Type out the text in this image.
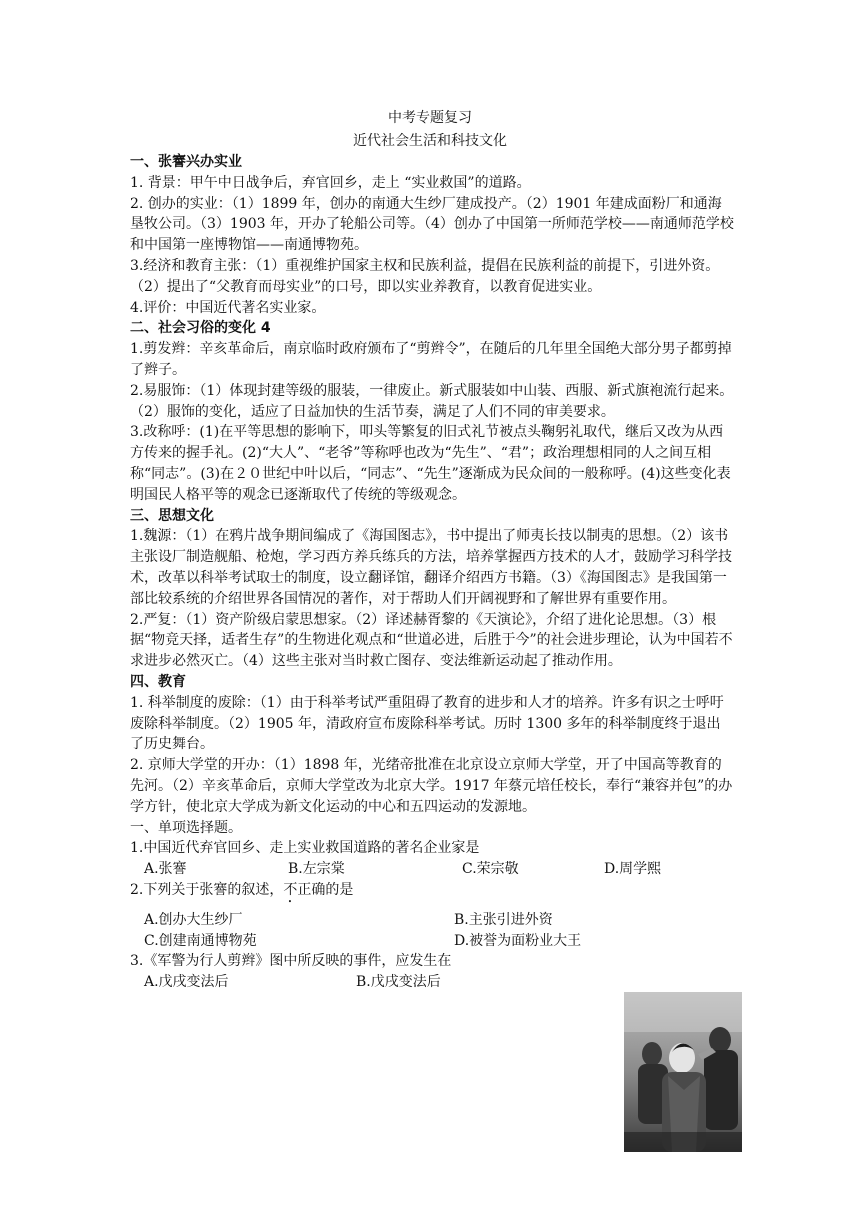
中考专题复习
近代社会生活和科技文化

一、张謇兴办实业

1. 背景：甲午中日战争后，弃官回乡，走上 “实业救国”的道路。

2. 创办的实业：（1）1899 年，创办的南通大生纱厂建成投产。（2）1901 年建成面粉厂和通海垦牧公司。（3）1903 年，开办了轮船公司等。（4）创办了中国第一所师范学校——南通师范学校和中国第一座博物馆——南通博物苑。

3.经济和教育主张：（1）重视维护国家主权和民族利益，提倡在民族利益的前提下，引进外资。（2）提出了“父教育而母实业”的口号，即以实业养教育，以教育促进实业。

4.评价：中国近代著名实业家。

二、社会习俗的变化 4

1.剪发辫：辛亥革命后，南京临时政府颁布了“剪辫令”，在随后的几年里全国绝大部分男子都剪掉了辫子。

2.易服饰：（1）体现封建等级的服装，一律废止。新式服装如中山装、西服、新式旗袍流行起来。（2）服饰的变化，适应了日益加快的生活节奏，满足了人们不同的审美要求。

3.改称呼：(1)在平等思想的影响下，叩头等繁复的旧式礼节被点头鞠躬礼取代，继后又改为从西方传来的握手礼。(2)“大人”、“老爷”等称呼也改为“先生”、“君”；政治理想相同的人之间互相称“同志”。(3)在２０世纪中叶以后，“同志”、“先生”逐渐成为民众间的一般称呼。(4)这些变化表明国民人格平等的观念已逐渐取代了传统的等级观念。

三、思想文化

1.魏源：（1）在鸦片战争期间编成了《海国图志》，书中提出了师夷长技以制夷的思想。（2）该书主张设厂制造舰船、枪炮，学习西方养兵练兵的方法，培养掌握西方技术的人才，鼓励学习科学技术，改革以科举考试取士的制度，设立翻译馆，翻译介绍西方书籍。（3）《海国图志》是我国第一部比较系统的介绍世界各国情况的著作，对于帮助人们开阔视野和了解世界有重要作用。

2.严复：（1）资产阶级启蒙思想家。（2）译述赫胥黎的《天演论》，介绍了进化论思想。（3）根据“物竞天择，适者生存”的生物进化观点和“世道必进，后胜于今”的社会进步理论，认为中国若不求进步必然灭亡。（4）这些主张对当时救亡图存、变法维新运动起了推动作用。

四、教育

1. 科举制度的废除：（1）由于科举考试严重阻碍了教育的进步和人才的培养。许多有识之士呼吁废除科举制度。（2）1905 年，清政府宣布废除科举考试。历时 1300 多年的科举制度终于退出了历史舞台。

2. 京师大学堂的开办：（1）1898 年，光绪帝批准在北京设立京师大学堂，开了中国高等教育的先河。（2）辛亥革命后，京师大学堂改为北京大学。1917 年蔡元培任校长，奉行“兼容并包”的办学方针，使北京大学成为新文化运动的中心和五四运动的发源地。

一、单项选择题。

1.中国近代弃官回乡、走上实业救国道路的著名企业家是

A.张謇	B.左宗棠	C.荣宗敬	D.周学熙

2.下列关于张謇的叙述，不正确的是

A.创办大生纱厂	B.主张引进外资
C.创建南通博物苑	D.被誉为面粉业大王

3.《军警为行人剪辫》图中所反映的事件，应发生在

A.戊戌变法后	B.戊戌变法后
